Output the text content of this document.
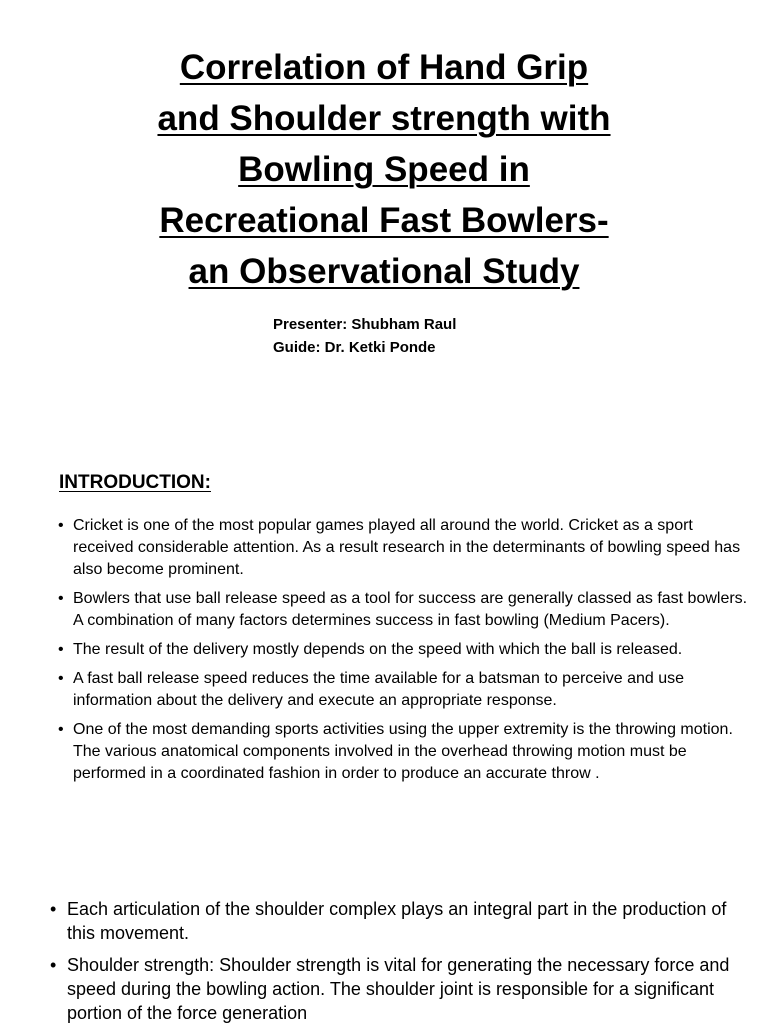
Correlation of Hand Grip
and Shoulder strength with
Bowling Speed in
Recreational Fast Bowlers-
an Observational Study
Presenter: Shubham Raul
Guide: Dr. Ketki Ponde
INTRODUCTION:
• Cricket is one of the most popular games played all around the world. Cricket as a sport received considerable attention. As a result research in the determinants of bowling speed has also become prominent.
• Bowlers that use ball release speed as a tool for success are generally classed as fast bowlers. A combination of many factors determines success in fast bowling (Medium Pacers).
• The result of the delivery mostly depends on the speed with which the ball is released.
• A fast ball release speed reduces the time available for a batsman to perceive and use information about the delivery and execute an appropriate response.
• One of the most demanding sports activities using the upper extremity is the throwing motion. The various anatomical components involved in the overhead throwing motion must be performed in a coordinated fashion in order to produce an accurate throw .
• Each articulation of the shoulder complex plays an integral part in the production of this movement.
• Shoulder strength: Shoulder strength is vital for generating the necessary force and speed during the bowling action. The shoulder joint is responsible for a significant portion of the force generation
